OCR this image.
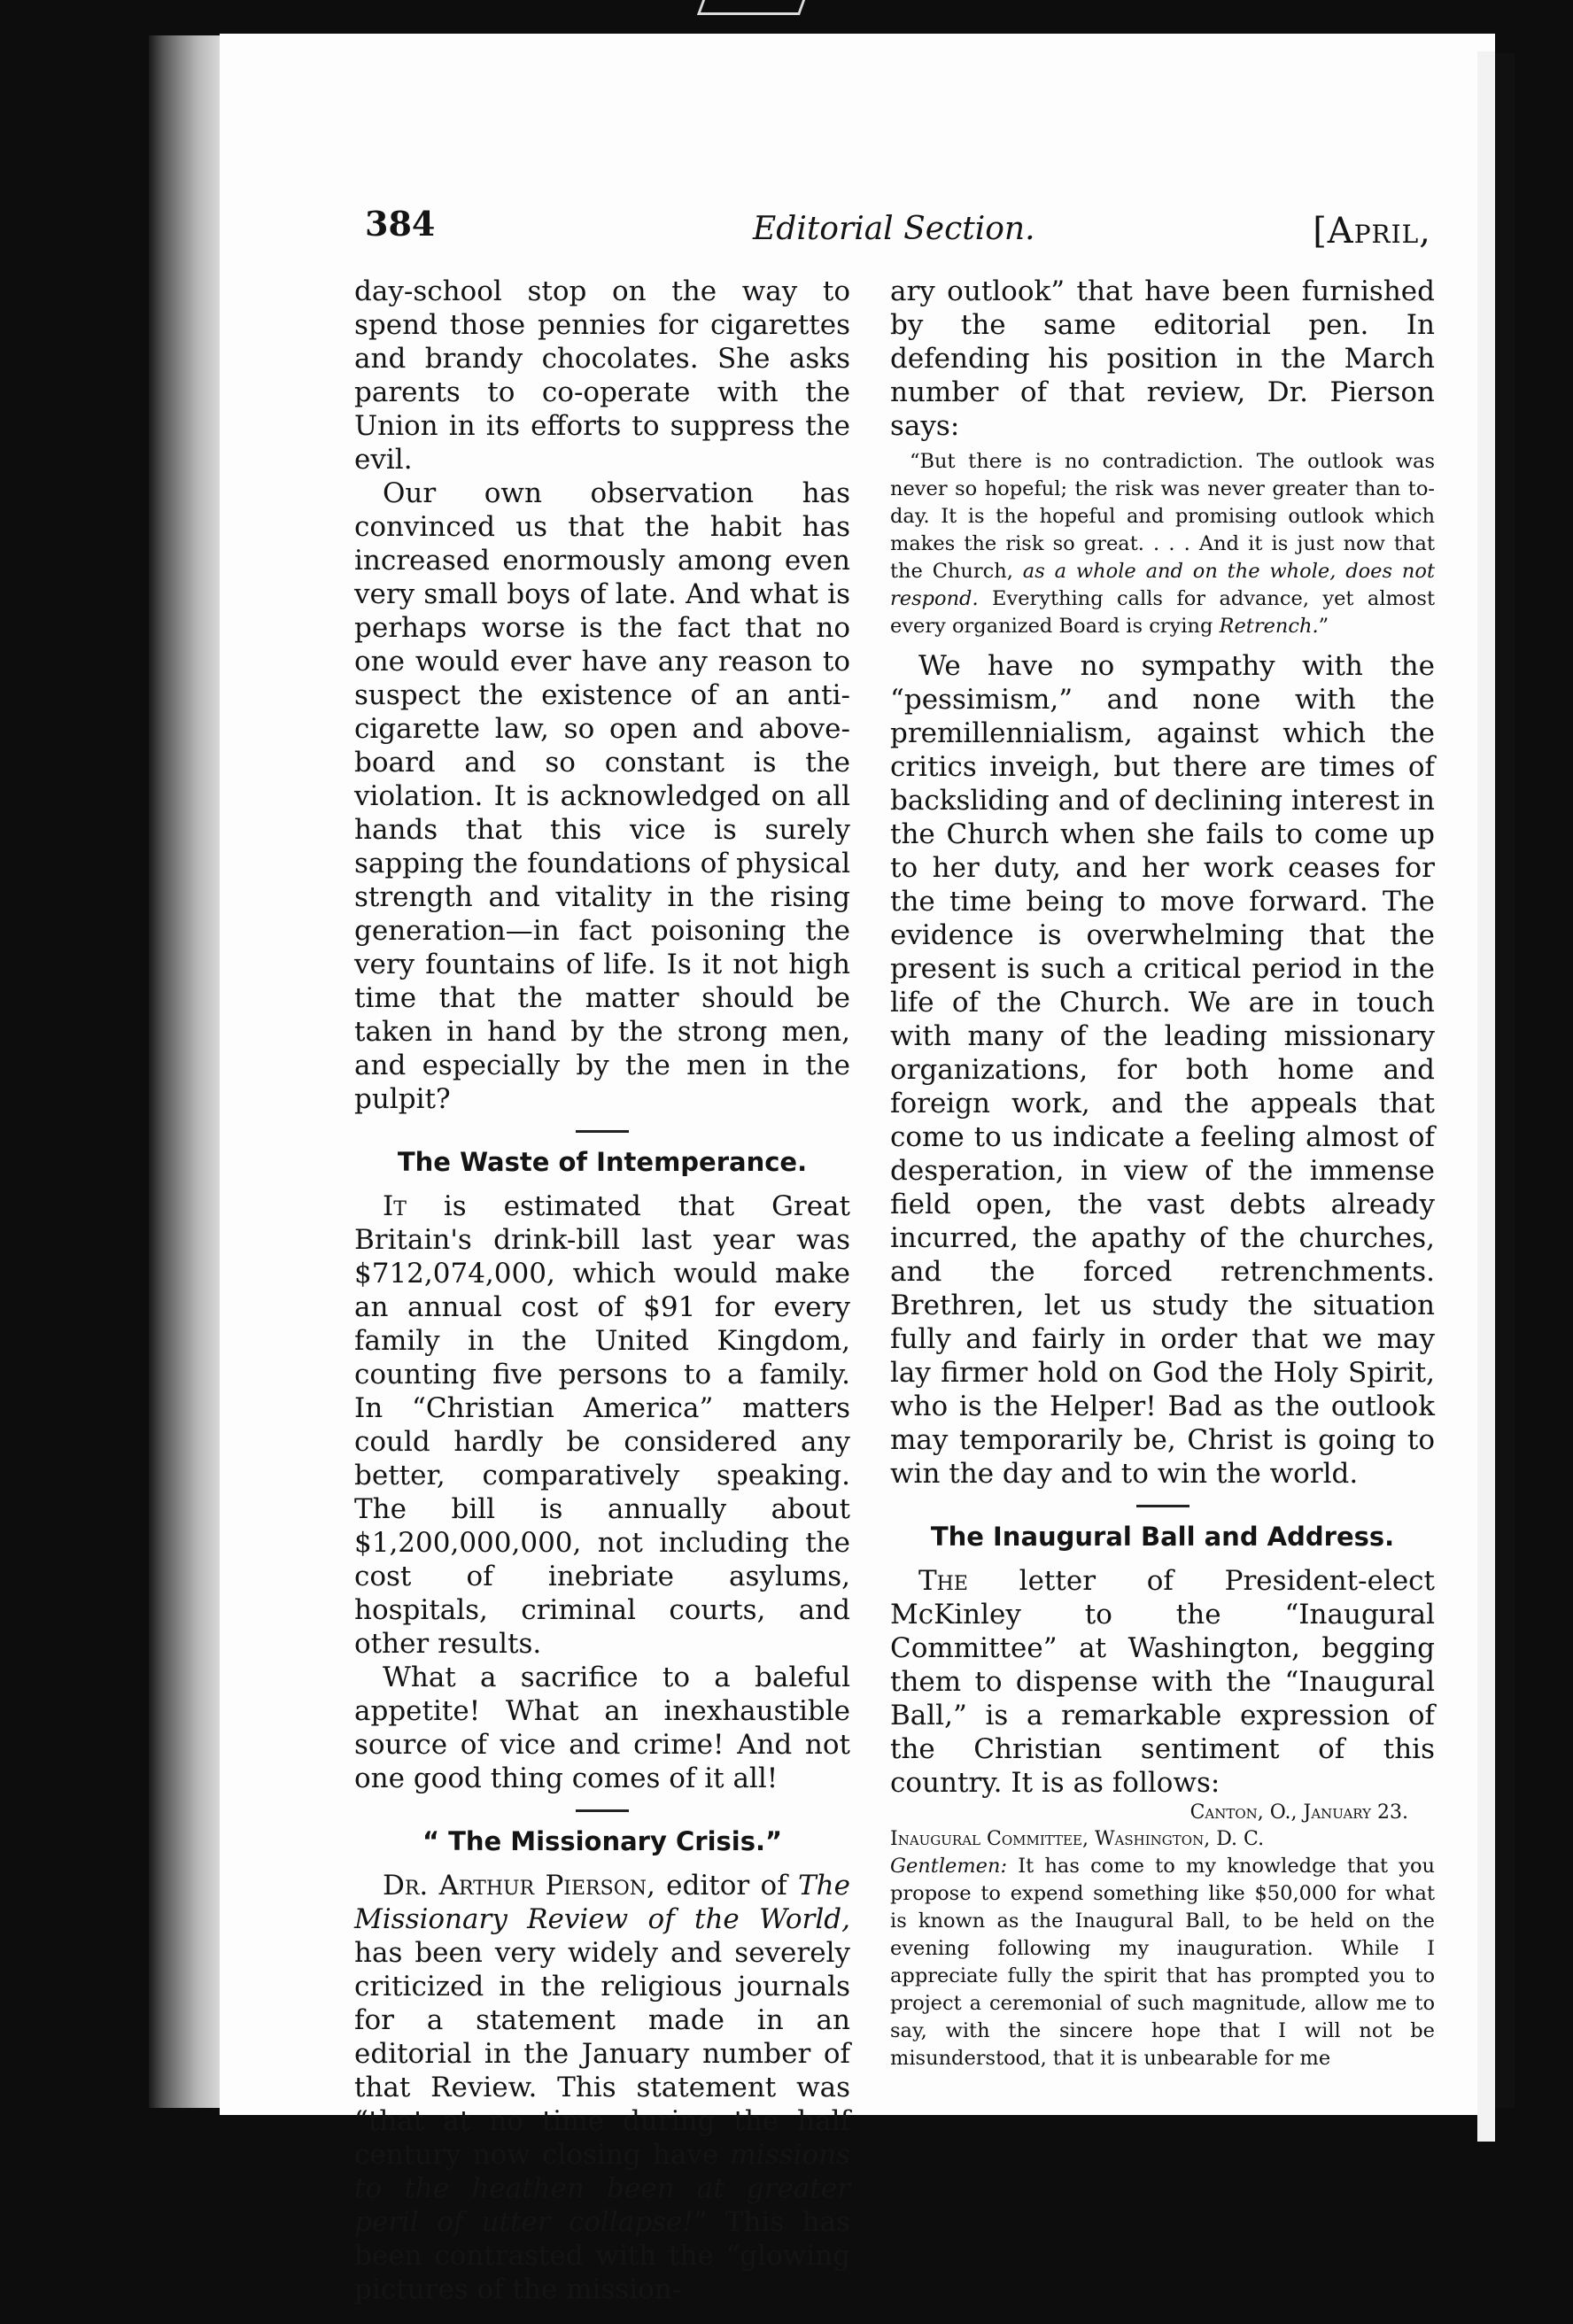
384	Editorial Section.	[April,

day-school stop on the way to spend those pennies for cigarettes and brandy chocolates. She asks parents to co-operate with the Union in its efforts to suppress the evil.

Our own observation has convinced us that the habit has increased enormously among even very small boys of late. And what is perhaps worse is the fact that no one would ever have any reason to suspect the existence of an anti-cigarette law, so open and above-board and so constant is the violation. It is acknowledged on all hands that this vice is surely sapping the foundations of physical strength and vitality in the rising generation—in fact poisoning the very fountains of life. Is it not high time that the matter should be taken in hand by the strong men, and especially by the men in the pulpit?

The Waste of Intemperance.

It is estimated that Great Britain's drink-bill last year was $712,074,000, which would make an annual cost of $91 for every family in the United Kingdom, counting five persons to a family. In “Christian America” matters could hardly be considered any better, comparatively speaking. The bill is annually about $1,200,000,000, not including the cost of inebriate asylums, hospitals, criminal courts, and other results.

What a sacrifice to a baleful appetite! What an inexhaustible source of vice and crime! And not one good thing comes of it all!

“ The Missionary Crisis.”

Dr. Arthur Pierson, editor of The Missionary Review of the World, has been very widely and severely criticized in the religious journals for a statement made in an editorial in the January number of that Review. This statement was “that at no time during the half century now closing have missions to the heathen been at greater peril of utter collapse!” This has been contrasted with the “glowing pictures of the mission-

ary outlook” that have been furnished by the same editorial pen. In defending his position in the March number of that review, Dr. Pierson says:

“But there is no contradiction. The outlook was never so hopeful; the risk was never greater than to-day. It is the hopeful and promising outlook which makes the risk so great. . . . And it is just now that the Church, as a whole and on the whole, does not respond. Everything calls for advance, yet almost every organized Board is crying Retrench.”

We have no sympathy with the “pessimism,” and none with the premillennialism, against which the critics inveigh, but there are times of backsliding and of declining interest in the Church when she fails to come up to her duty, and her work ceases for the time being to move forward. The evidence is overwhelming that the present is such a critical period in the life of the Church. We are in touch with many of the leading missionary organizations, for both home and foreign work, and the appeals that come to us indicate a feeling almost of desperation, in view of the immense field open, the vast debts already incurred, the apathy of the churches, and the forced retrenchments. Brethren, let us study the situation fully and fairly in order that we may lay firmer hold on God the Holy Spirit, who is the Helper! Bad as the outlook may temporarily be, Christ is going to win the day and to win the world.

The Inaugural Ball and Address.

The letter of President-elect McKinley to the “Inaugural Committee” at Washington, begging them to dispense with the “Inaugural Ball,” is a remarkable expression of the Christian sentiment of this country. It is as follows:

Canton, O., January 23.
Inaugural Committee, Washington, D. C.

Gentlemen: It has come to my knowledge that you propose to expend something like $50,000 for what is known as the Inaugural Ball, to be held on the evening following my inauguration. While I appreciate fully the spirit that has prompted you to project a ceremonial of such magnitude, allow me to say, with the sincere hope that I will not be misunderstood, that it is unbearable for me
